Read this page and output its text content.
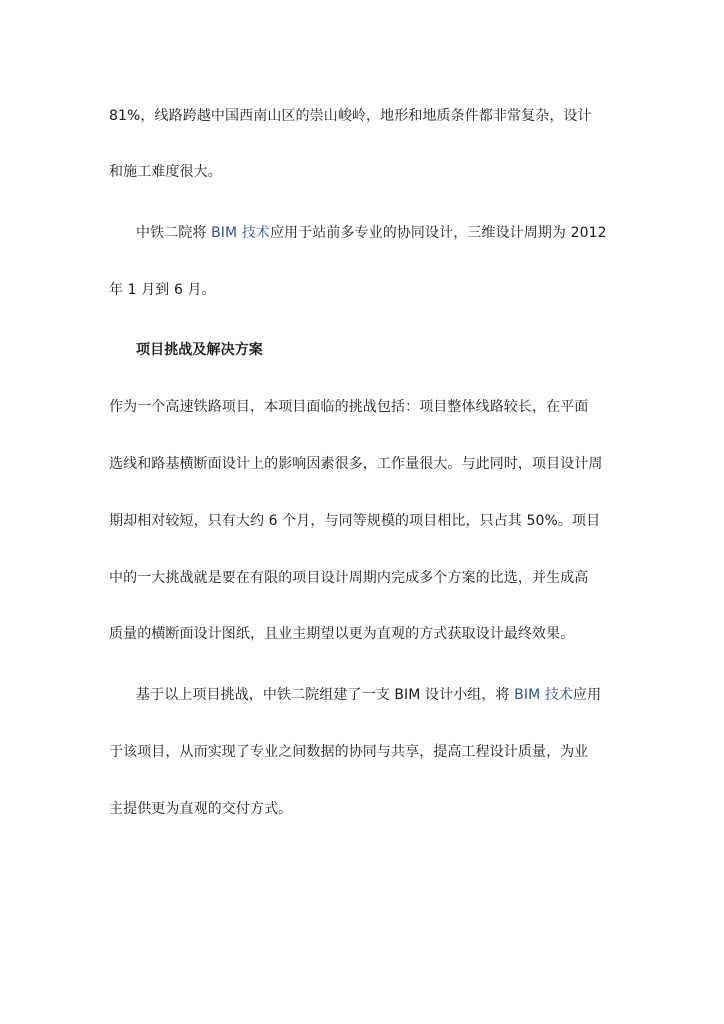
81%，线路跨越中国西南山区的崇山峻岭，地形和地质条件都非常复杂，设计
和施工难度很大。
中铁二院将 BIM 技术应用于站前多专业的协同设计，三维设计周期为 2012
年 1 月到 6 月。
项目挑战及解决方案
作为一个高速铁路项目，本项目面临的挑战包括：项目整体线路较长，在平面
选线和路基横断面设计上的影响因素很多，工作量很大。与此同时，项目设计周
期却相对较短，只有大约 6 个月，与同等规模的项目相比，只占其 50%。项目
中的一大挑战就是要在有限的项目设计周期内完成多个方案的比选，并生成高
质量的横断面设计图纸，且业主期望以更为直观的方式获取设计最终效果。
基于以上项目挑战，中铁二院组建了一支 BIM 设计小组，将 BIM 技术应用
于该项目，从而实现了专业之间数据的协同与共享，提高工程设计质量，为业
主提供更为直观的交付方式。
